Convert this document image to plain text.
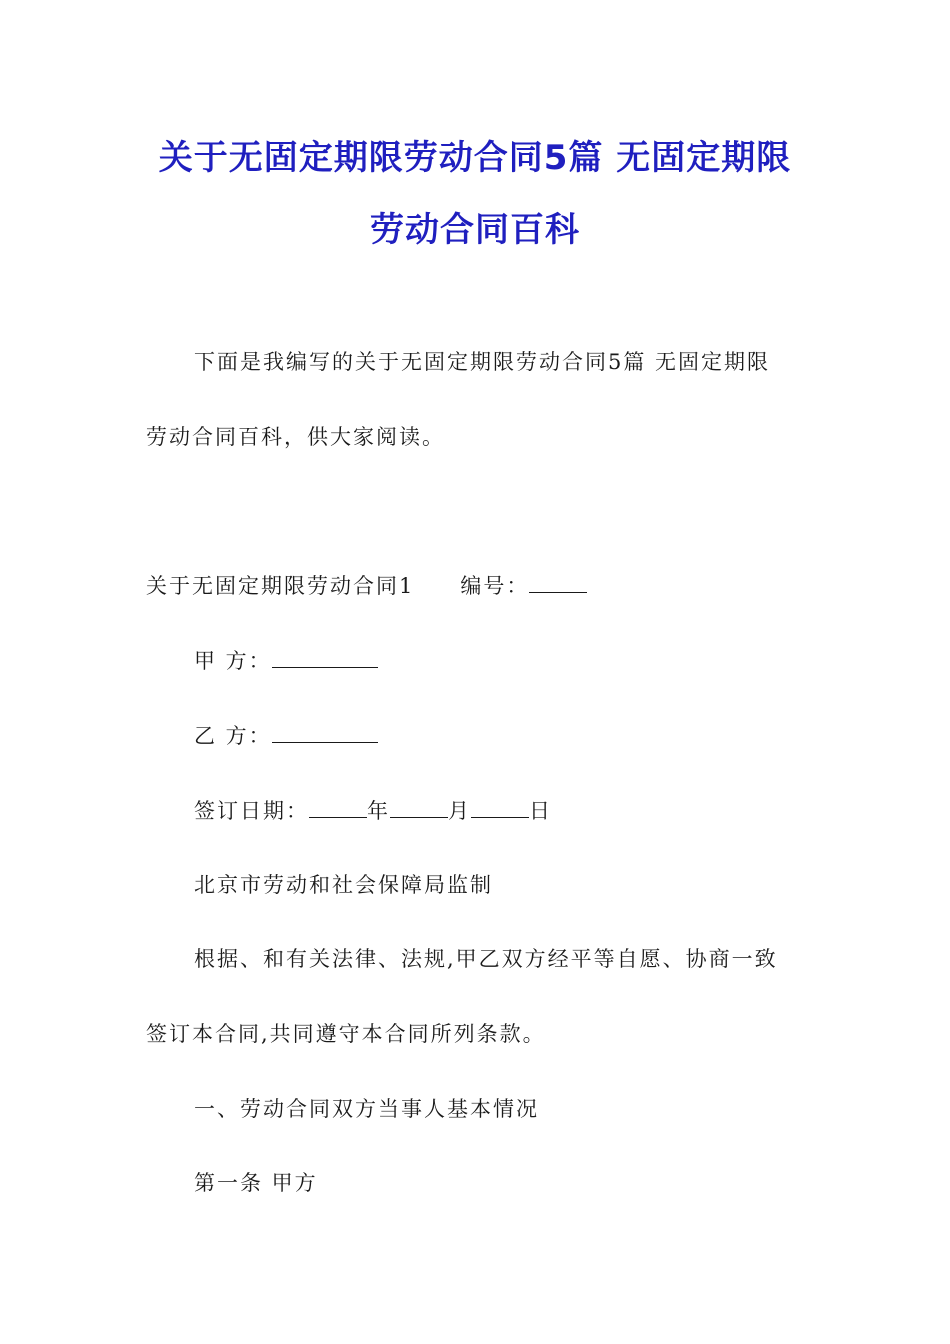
关于无固定期限劳动合同5篇 无固定期限
劳动合同百科

下面是我编写的关于无固定期限劳动合同5篇 无固定期限

劳动合同百科，供大家阅读。

关于无固定期限劳动合同1 编号：

甲 方：

乙 方：

签订日期：	年	月	日

北京市劳动和社会保障局监制

根据、和有关法律、法规,甲乙双方经平等自愿、协商一致

签订本合同,共同遵守本合同所列条款。

一、劳动合同双方当事人基本情况

第一条 甲方
